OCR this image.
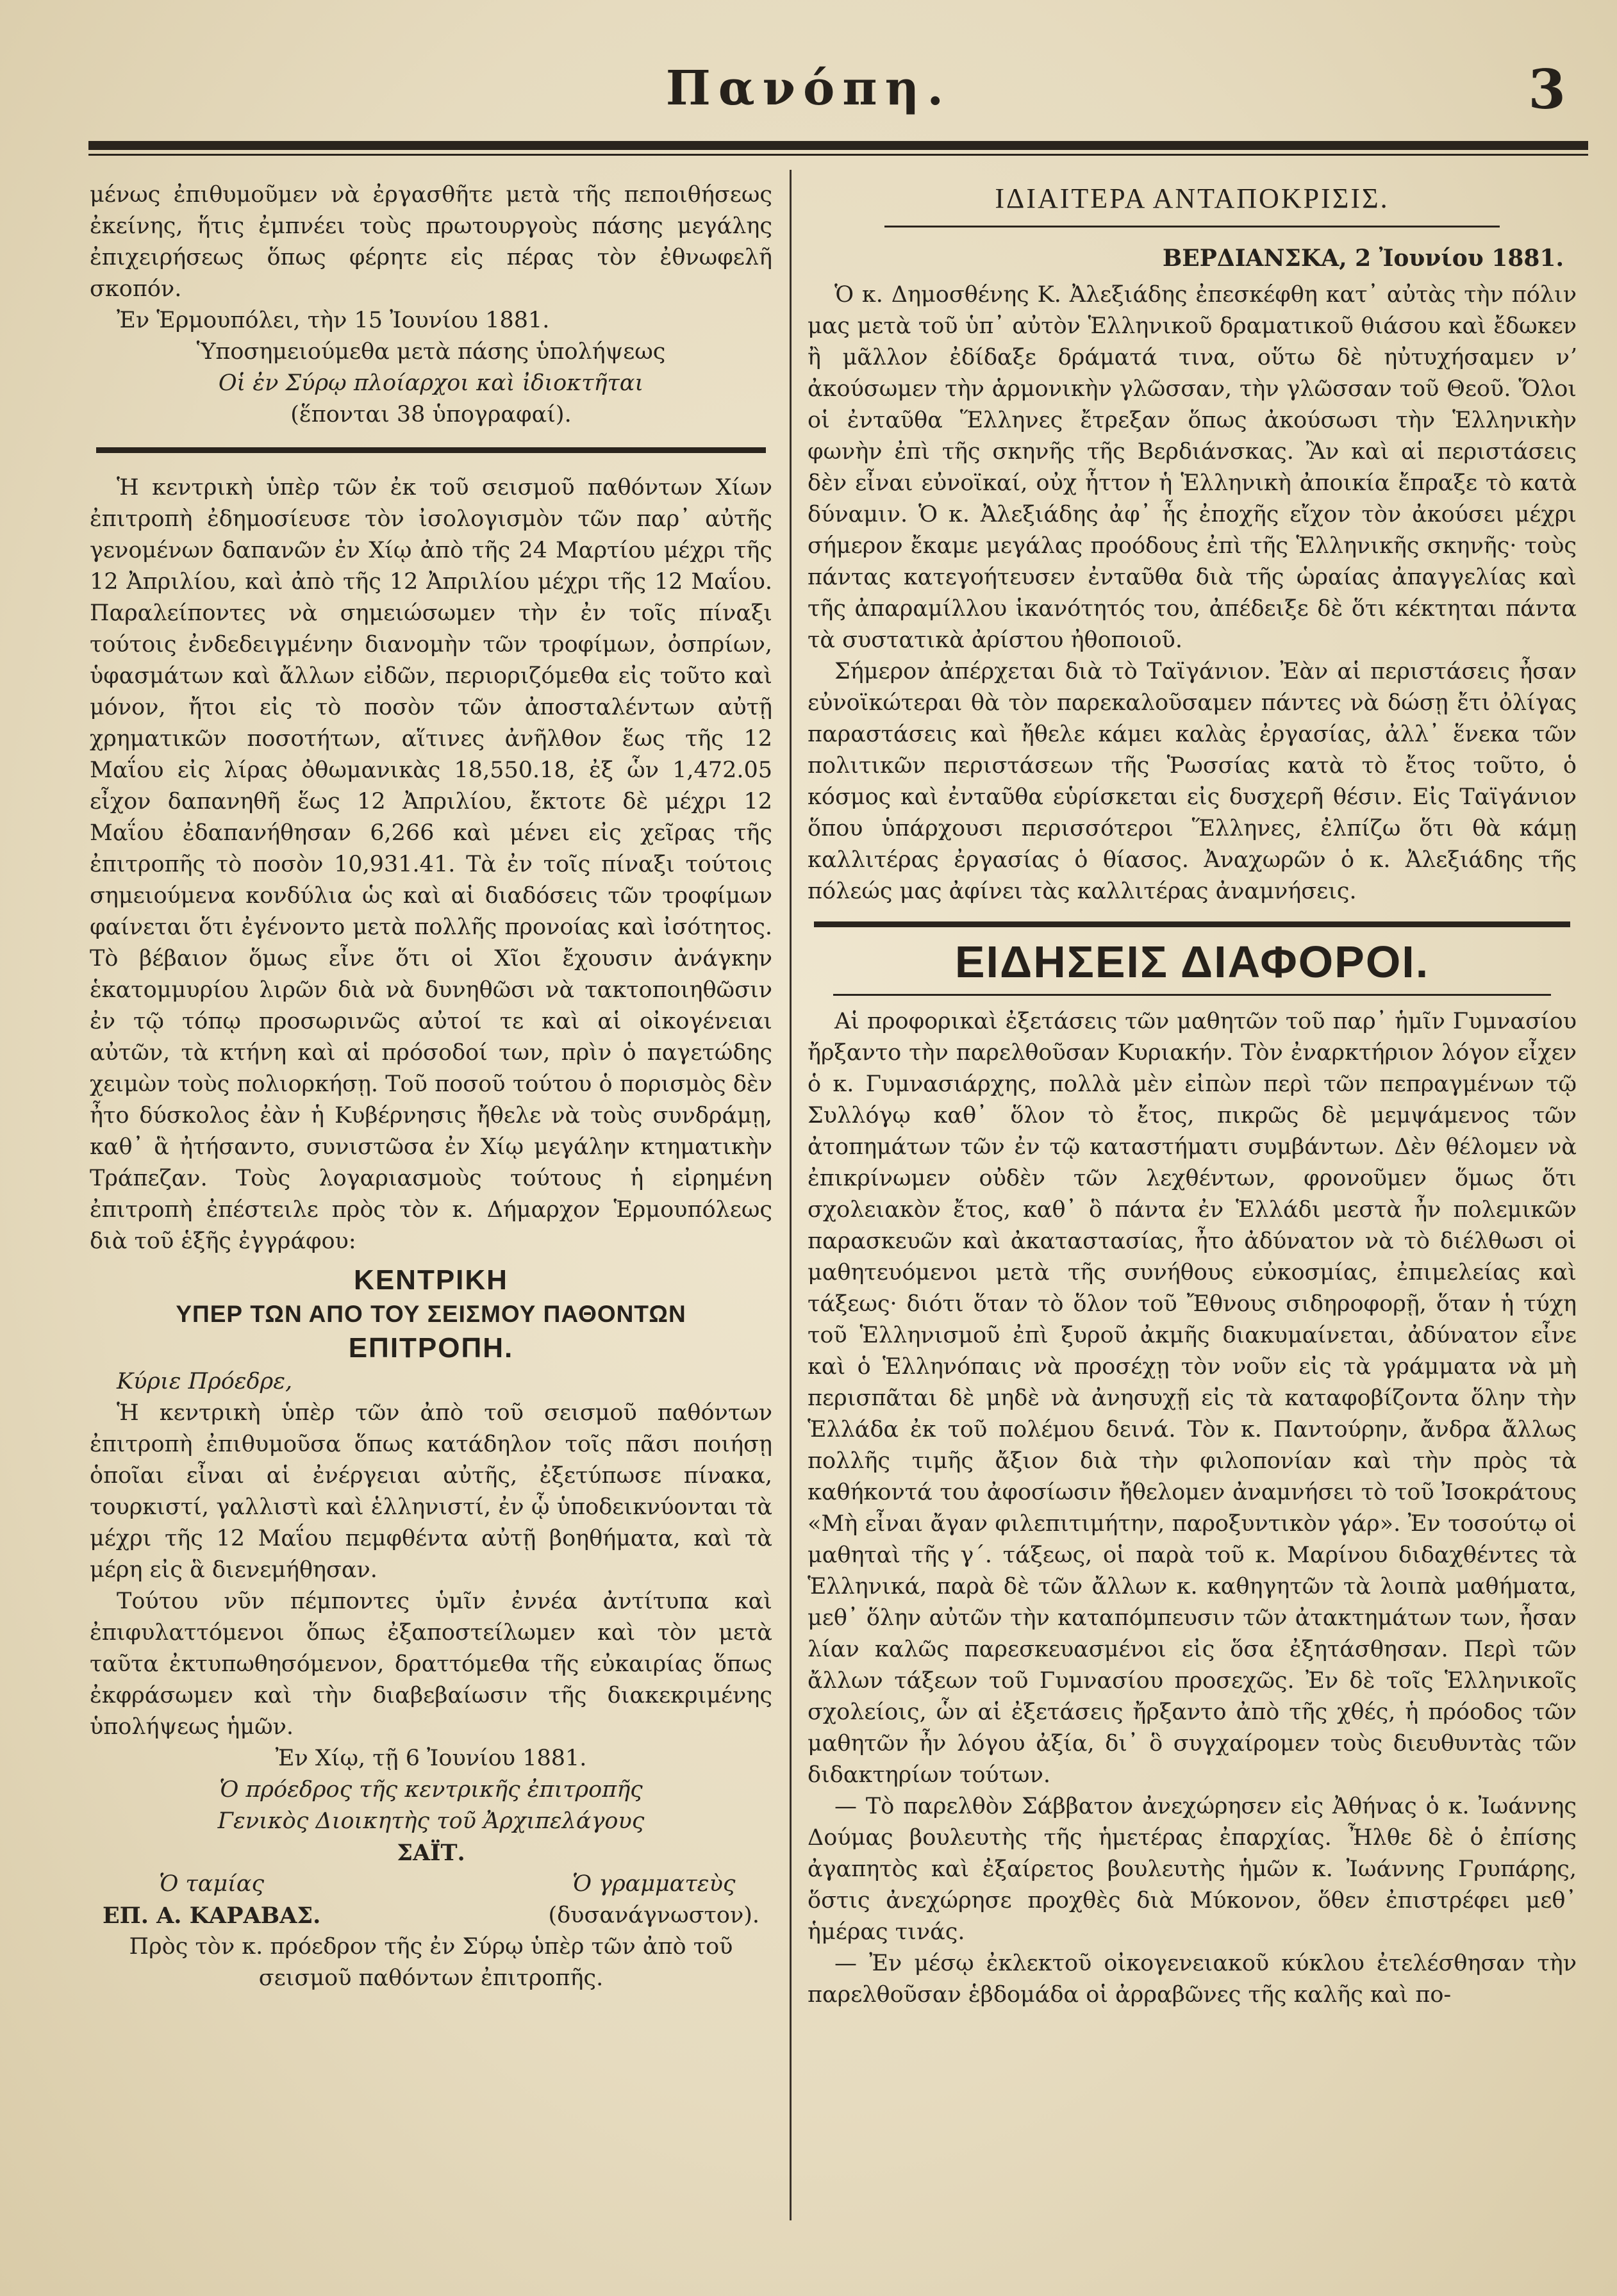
Πανόπη.	3

μένως ἐπιθυμοῦμεν νὰ ἐργασθῆτε μετὰ τῆς πεποιθήσεως ἐκείνης, ἥτις ἐμπνέει τοὺς πρωτουργοὺς πάσης μεγάλης ἐπιχειρήσεως ὅπως φέρητε εἰς πέρας τὸν ἐθνωφελῆ σκοπόν.

Ἐν Ἑρμουπόλει, τὴν 15 Ἰουνίου 1881.

Ὑποσημειούμεθα μετὰ πάσης ὑπολήψεως

Οἱ ἐν Σύρῳ πλοίαρχοι καὶ ἰδιοκτῆται

(ἕπονται 38 ὑπογραφαί).

Ἡ κεντρικὴ ὑπὲρ τῶν ἐκ τοῦ σεισμοῦ παθόντων Χίων ἐπιτροπὴ ἐδημοσίευσε τὸν ἰσολογισμὸν τῶν παρ᾽ αὐτῆς γενομένων δαπανῶν ἐν Χίῳ ἀπὸ τῆς 24 Μαρτίου μέχρι τῆς 12 Ἀπριλίου, καὶ ἀπὸ τῆς 12 Ἀπριλίου μέχρι τῆς 12 Μαΐου. Παραλείποντες νὰ σημειώσωμεν τὴν ἐν τοῖς πίναξι τούτοις ἐνδεδειγμένην διανομὴν τῶν τροφίμων, ὀσπρίων, ὑφασμάτων καὶ ἄλλων εἰδῶν, περιοριζόμεθα εἰς τοῦτο καὶ μόνον, ἤτοι εἰς τὸ ποσὸν τῶν ἀποσταλέντων αὐτῇ χρηματικῶν ποσοτήτων, αἵτινες ἀνῆλθον ἕως τῆς 12 Μαΐου εἰς λίρας ὀθωμανικὰς 18,550.18, ἐξ ὧν 1,472.05 εἶχον δαπανηθῆ ἕως 12 Ἀπριλίου, ἔκτοτε δὲ μέχρι 12 Μαΐου ἐδαπανήθησαν 6,266 καὶ μένει εἰς χεῖρας τῆς ἐπιτροπῆς τὸ ποσὸν 10,931.41. Τὰ ἐν τοῖς πίναξι τούτοις σημειούμενα κονδύλια ὡς καὶ αἱ διαδόσεις τῶν τροφίμων φαίνεται ὅτι ἐγένοντο μετὰ πολλῆς προνοίας καὶ ἰσότητος. Τὸ βέβαιον ὅμως εἶνε ὅτι οἱ Χῖοι ἔχουσιν ἀνάγκην ἑκατομμυρίου λιρῶν διὰ νὰ δυνηθῶσι νὰ τακτοποιηθῶσιν ἐν τῷ τόπῳ προσωρινῶς αὐτοί τε καὶ αἱ οἰκογένειαι αὐτῶν, τὰ κτήνη καὶ αἱ πρόσοδοί των, πρὶν ὁ παγετώδης χειμὼν τοὺς πολιορκήσῃ. Τοῦ ποσοῦ τούτου ὁ πορισμὸς δὲν ἦτο δύσκολος ἐὰν ἡ Κυβέρνησις ἤθελε νὰ τοὺς συνδράμῃ, καθ᾽ ἃ ἠτήσαντο, συνιστῶσα ἐν Χίῳ μεγάλην κτηματικὴν Τράπεζαν. Τοὺς λογαριασμοὺς τούτους ἡ εἰρημένη ἐπιτροπὴ ἐπέστειλε πρὸς τὸν κ. Δήμαρχον Ἑρμουπόλεως διὰ τοῦ ἑξῆς ἐγγράφου:

ΚΕΝΤΡΙΚΗ
ΥΠΕΡ ΤΩΝ ΑΠΟ ΤΟΥ ΣΕΙΣΜΟΥ ΠΑΘΟΝΤΩΝ
ΕΠΙΤΡΟΠΗ.

Κύριε Πρόεδρε,

Ἡ κεντρικὴ ὑπὲρ τῶν ἀπὸ τοῦ σεισμοῦ παθόντων ἐπιτροπὴ ἐπιθυμοῦσα ὅπως κατάδηλον τοῖς πᾶσι ποιήσῃ ὁποῖαι εἶναι αἱ ἐνέργειαι αὐτῆς, ἐξετύπωσε πίνακα, τουρκιστί, γαλλιστὶ καὶ ἑλληνιστί, ἐν ᾧ ὑποδεικνύονται τὰ μέχρι τῆς 12 Μαΐου πεμφθέντα αὐτῇ βοηθήματα, καὶ τὰ μέρη εἰς ἃ διενεμήθησαν.

Τούτου νῦν πέμποντες ὑμῖν ἐννέα ἀντίτυπα καὶ ἐπιφυλαττόμενοι ὅπως ἐξαποστείλωμεν καὶ τὸν μετὰ ταῦτα ἐκτυπωθησόμενον, δραττόμεθα τῆς εὐκαιρίας ὅπως ἐκφράσωμεν καὶ τὴν διαβεβαίωσιν τῆς διακεκριμένης ὑπολήψεως ἡμῶν.

Ἐν Χίῳ, τῇ 6 Ἰουνίου 1881.

Ὁ πρόεδρος τῆς κεντρικῆς ἐπιτροπῆς

Γενικὸς Διοικητὴς τοῦ Ἀρχιπελάγους

ΣΑΪΤ.

Ὁ ταμίας
ΕΠ. Α. ΚΑΡΑΒΑΣ.
Ὁ γραμματεὺς
(δυσανάγνωστον).

Πρὸς τὸν κ. πρόεδρον τῆς ἐν Σύρῳ ὑπὲρ τῶν ἀπὸ τοῦ σεισμοῦ παθόντων ἐπιτροπῆς.

ΙΔΙΑΙΤΕΡΑ ΑΝΤΑΠΟΚΡΙΣΙΣ.
ΒΕΡΔΙΑΝΣΚΑ, 2 Ἰουνίου 1881.

Ὁ κ. Δημοσθένης Κ. Ἀλεξιάδης ἐπεσκέφθη κατ᾽ αὐτὰς τὴν πόλιν μας μετὰ τοῦ ὑπ᾽ αὐτὸν Ἑλληνικοῦ δραματικοῦ θιάσου καὶ ἔδωκεν ἢ μᾶλλον ἐδίδαξε δράματά τινα, οὕτω δὲ ηὐτυχήσαμεν νʼ ἀκούσωμεν τὴν ἁρμονικὴν γλῶσσαν, τὴν γλῶσσαν τοῦ Θεοῦ. Ὅλοι οἱ ἐνταῦθα Ἕλληνες ἔτρεξαν ὅπως ἀκούσωσι τὴν Ἑλληνικὴν φωνὴν ἐπὶ τῆς σκηνῆς τῆς Βερδιάνσκας. Ἂν καὶ αἱ περιστάσεις δὲν εἶναι εὐνοϊκαί, οὐχ ἧττον ἡ Ἑλληνικὴ ἀποικία ἔπραξε τὸ κατὰ δύναμιν. Ὁ κ. Ἀλεξιάδης ἀφ᾽ ἧς ἐποχῆς εἴχον τὸν ἀκούσει μέχρι σήμερον ἔκαμε μεγάλας προόδους ἐπὶ τῆς Ἑλληνικῆς σκηνῆς· τοὺς πάντας κατεγοήτευσεν ἐνταῦθα διὰ τῆς ὡραίας ἀπαγγελίας καὶ τῆς ἀπαραμίλλου ἱκανότητός του, ἀπέδειξε δὲ ὅτι κέκτηται πάντα τὰ συστατικὰ ἀρίστου ἠθοποιοῦ.

Σήμερον ἀπέρχεται διὰ τὸ Ταϊγάνιον. Ἐὰν αἱ περιστάσεις ἦσαν εὐνοϊκώτεραι θὰ τὸν παρεκαλοῦσαμεν πάντες νὰ δώσῃ ἔτι ὀλίγας παραστάσεις καὶ ἤθελε κάμει καλὰς ἐργασίας, ἀλλ᾽ ἕνεκα τῶν πολιτικῶν περιστάσεων τῆς Ῥωσσίας κατὰ τὸ ἔτος τοῦτο, ὁ κόσμος καὶ ἐνταῦθα εὑρίσκεται εἰς δυσχερῆ θέσιν. Εἰς Ταϊγάνιον ὅπου ὑπάρχουσι περισσότεροι Ἕλληνες, ἐλπίζω ὅτι θὰ κάμῃ καλλιτέρας ἐργασίας ὁ θίασος. Ἀναχωρῶν ὁ κ. Ἀλεξιάδης τῆς πόλεώς μας ἀφίνει τὰς καλλιτέρας ἀναμνήσεις.

ΕΙΔΗΣΕΙΣ ΔΙΑΦΟΡΟΙ.

Αἱ προφορικαὶ ἐξετάσεις τῶν μαθητῶν τοῦ παρ᾽ ἡμῖν Γυμνασίου ἤρξαντο τὴν παρελθοῦσαν Κυριακήν. Τὸν ἐναρκτήριον λόγον εἶχεν ὁ κ. Γυμνασιάρχης, πολλὰ μὲν εἰπὼν περὶ τῶν πεπραγμένων τῷ Συλλόγῳ καθ᾽ ὅλον τὸ ἔτος, πικρῶς δὲ μεμψάμενος τῶν ἀτοπημάτων τῶν ἐν τῷ καταστήματι συμβάντων. Δὲν θέλομεν νὰ ἐπικρίνωμεν οὐδὲν τῶν λεχθέντων, φρονοῦμεν ὅμως ὅτι σχολειακὸν ἔτος, καθ᾽ ὃ πάντα ἐν Ἑλλάδι μεστὰ ἦν πολεμικῶν παρασκευῶν καὶ ἀκαταστασίας, ἦτο ἀδύνατον νὰ τὸ διέλθωσι οἱ μαθητευόμενοι μετὰ τῆς συνήθους εὐκοσμίας, ἐπιμελείας καὶ τάξεως· διότι ὅταν τὸ ὅλον τοῦ Ἔθνους σιδηροφορῇ, ὅταν ἡ τύχη τοῦ Ἑλληνισμοῦ ἐπὶ ξυροῦ ἀκμῆς διακυμαίνεται, ἀδύνατον εἶνε καὶ ὁ Ἑλληνόπαις νὰ προσέχῃ τὸν νοῦν εἰς τὰ γράμματα νὰ μὴ περισπᾶται δὲ μηδὲ νὰ ἀνησυχῇ εἰς τὰ καταφοβίζοντα ὅλην τὴν Ἑλλάδα ἐκ τοῦ πολέμου δεινά. Τὸν κ. Παντούρην, ἄνδρα ἄλλως πολλῆς τιμῆς ἄξιον διὰ τὴν φιλοπονίαν καὶ τὴν πρὸς τὰ καθήκοντά του ἀφοσίωσιν ἤθελομεν ἀναμνήσει τὸ τοῦ Ἰσοκράτους «Μὴ εἶναι ἄγαν φιλεπιτιμήτην, παροξυντικὸν γάρ». Ἐν τοσούτῳ οἱ μαθηταὶ τῆς γ΄. τάξεως, οἱ παρὰ τοῦ κ. Μαρίνου διδαχθέντες τὰ Ἑλληνικά, παρὰ δὲ τῶν ἄλλων κ. καθηγητῶν τὰ λοιπὰ μαθήματα, μεθ᾽ ὅλην αὐτῶν τὴν καταπόμπευσιν τῶν ἀτακτημάτων των, ἦσαν λίαν καλῶς παρεσκευασμένοι εἰς ὅσα ἐξητάσθησαν. Περὶ τῶν ἄλλων τάξεων τοῦ Γυμνασίου προσεχῶς. Ἐν δὲ τοῖς Ἑλληνικοῖς σχολείοις, ὧν αἱ ἐξετάσεις ἤρξαντο ἀπὸ τῆς χθές, ἡ πρόοδος τῶν μαθητῶν ἦν λόγου ἀξία, δι᾽ ὃ συγχαίρομεν τοὺς διευθυντὰς τῶν διδακτηρίων τούτων.

— Τὸ παρελθὸν Σάββατον ἀνεχώρησεν εἰς Ἀθήνας ὁ κ. Ἰωάννης Δούμας βουλευτὴς τῆς ἡμετέρας ἐπαρχίας. Ἦλθε δὲ ὁ ἐπίσης ἀγαπητὸς καὶ ἐξαίρετος βουλευτὴς ἡμῶν κ. Ἰωάννης Γρυπάρης, ὅστις ἀνεχώρησε προχθὲς διὰ Μύκονον, ὅθεν ἐπιστρέφει μεθ᾽ ἡμέρας τινάς.

— Ἐν μέσῳ ἐκλεκτοῦ οἰκογενειακοῦ κύκλου ἐτελέσθησαν τὴν παρελθοῦσαν ἑβδομάδα οἱ ἀρραβῶνες τῆς καλῆς καὶ πο-
